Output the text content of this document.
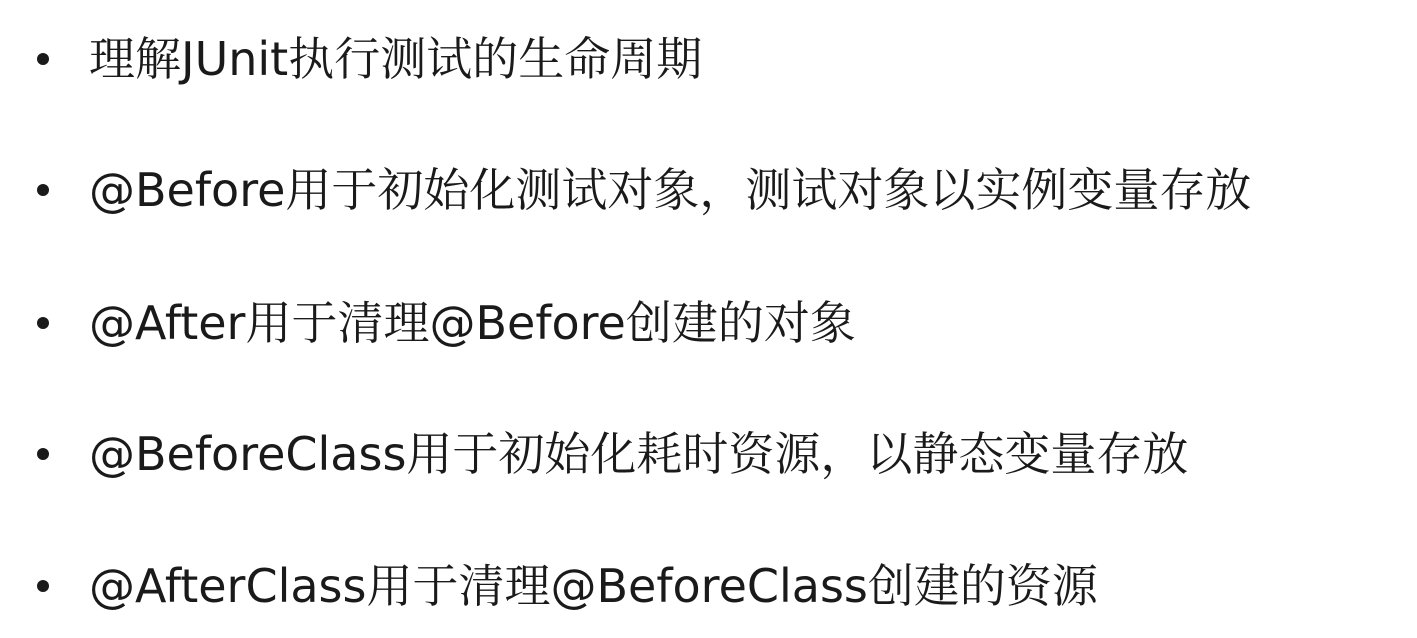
理解JUnit执行测试的生命周期
@Before用于初始化测试对象，测试对象以实例变量存放
@After用于清理@Before创建的对象
@BeforeClass用于初始化耗时资源，以静态变量存放
@AfterClass用于清理@BeforeClass创建的资源
